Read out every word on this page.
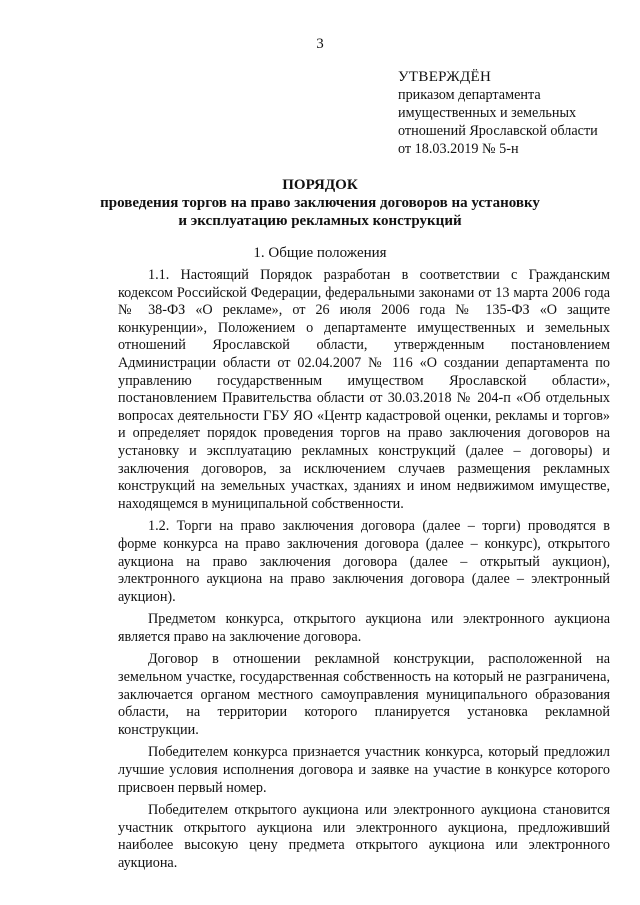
3
УТВЕРЖДЁН
приказом департамента
имущественных и земельных
отношений Ярославской области
от 18.03.2019 № 5-н
ПОРЯДОК
проведения торгов на право заключения договоров на установку
и эксплуатацию рекламных конструкций
1. Общие положения

1.1. Настоящий Порядок разработан в соответствии с Гражданским кодексом Российской Федерации, федеральными законами от 13 марта 2006 года № 38-ФЗ «О рекламе», от 26 июля 2006 года № 135-ФЗ «О защите конкуренции», Положением о департаменте имущественных и земельных отношений Ярославской области, утвержденным постановлением Администрации области от 02.04.2007 № 116 «О создании департамента по управлению государственным имуществом Ярославской области», постановлением Правительства области от 30.03.2018 № 204-п «Об отдельных вопросах деятельности ГБУ ЯО «Центр кадастровой оценки, рекламы и торгов» и определяет порядок проведения торгов на право заключения договоров на установку и эксплуатацию рекламных конструкций (далее – договоры) и заключения договоров, за исключением случаев размещения рекламных конструкций на земельных участках, зданиях и ином недвижимом имуществе, находящемся в муниципальной собственности.

1.2. Торги на право заключения договора (далее – торги) проводятся в форме конкурса на право заключения договора (далее – конкурс), открытого аукциона на право заключения договора (далее – открытый аукцион), электронного аукциона на право заключения договора (далее – электронный аукцион).

Предметом конкурса, открытого аукциона или электронного аукциона является право на заключение договора.

Договор в отношении рекламной конструкции, расположенной на земельном участке, государственная собственность на который не разграничена, заключается органом местного самоуправления муниципального образования области, на территории которого планируется установка рекламной конструкции.

Победителем конкурса признается участник конкурса, который предложил лучшие условия исполнения договора и заявке на участие в конкурсе которого присвоен первый номер.

Победителем открытого аукциона или электронного аукциона становится участник открытого аукциона или электронного аукциона, предложивший наиболее высокую цену предмета открытого аукциона или электронного аукциона.
